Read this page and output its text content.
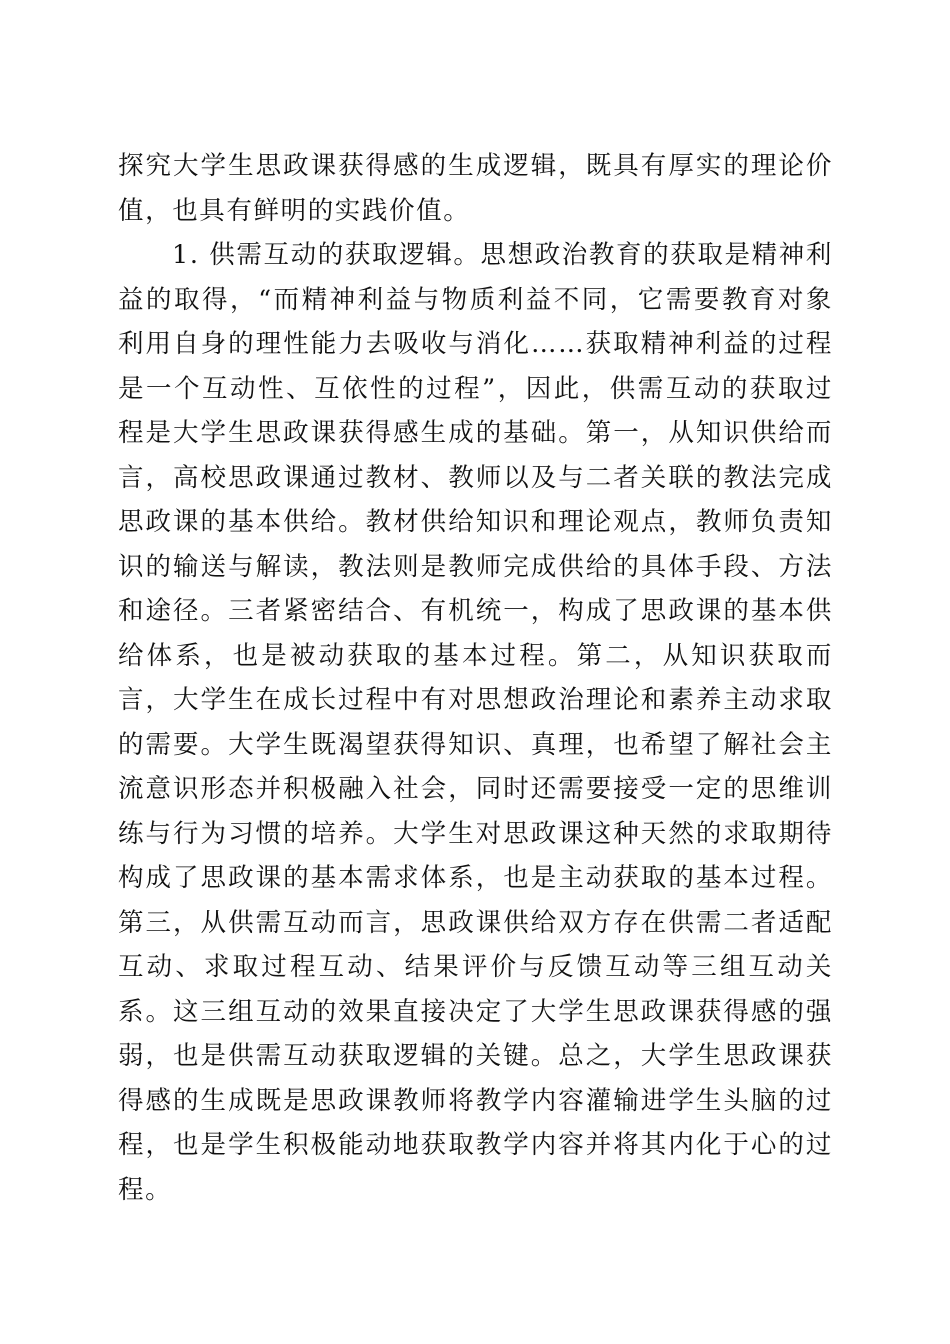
探究大学生思政课获得感的生成逻辑，既具有厚实的理论价值，也具有鲜明的实践价值。

1. 供需互动的获取逻辑。思想政治教育的获取是精神利益的取得，“而精神利益与物质利益不同，它需要教育对象利用自身的理性能力去吸收与消化……获取精神利益的过程是一个互动性、互依性的过程”，因此，供需互动的获取过程是大学生思政课获得感生成的基础。第一，从知识供给而言，高校思政课通过教材、教师以及与二者关联的教法完成思政课的基本供给。教材供给知识和理论观点，教师负责知识的输送与解读，教法则是教师完成供给的具体手段、方法和途径。三者紧密结合、有机统一，构成了思政课的基本供给体系，也是被动获取的基本过程。第二，从知识获取而言，大学生在成长过程中有对思想政治理论和素养主动求取的需要。大学生既渴望获得知识、真理，也希望了解社会主流意识形态并积极融入社会，同时还需要接受一定的思维训练与行为习惯的培养。大学生对思政课这种天然的求取期待构成了思政课的基本需求体系，也是主动获取的基本过程。第三，从供需互动而言，思政课供给双方存在供需二者适配互动、求取过程互动、结果评价与反馈互动等三组互动关系。这三组互动的效果直接决定了大学生思政课获得感的强弱，也是供需互动获取逻辑的关键。总之，大学生思政课获得感的生成既是思政课教师将教学内容灌输进学生头脑的过程，也是学生积极能动地获取教学内容并将其内化于心的过程。
